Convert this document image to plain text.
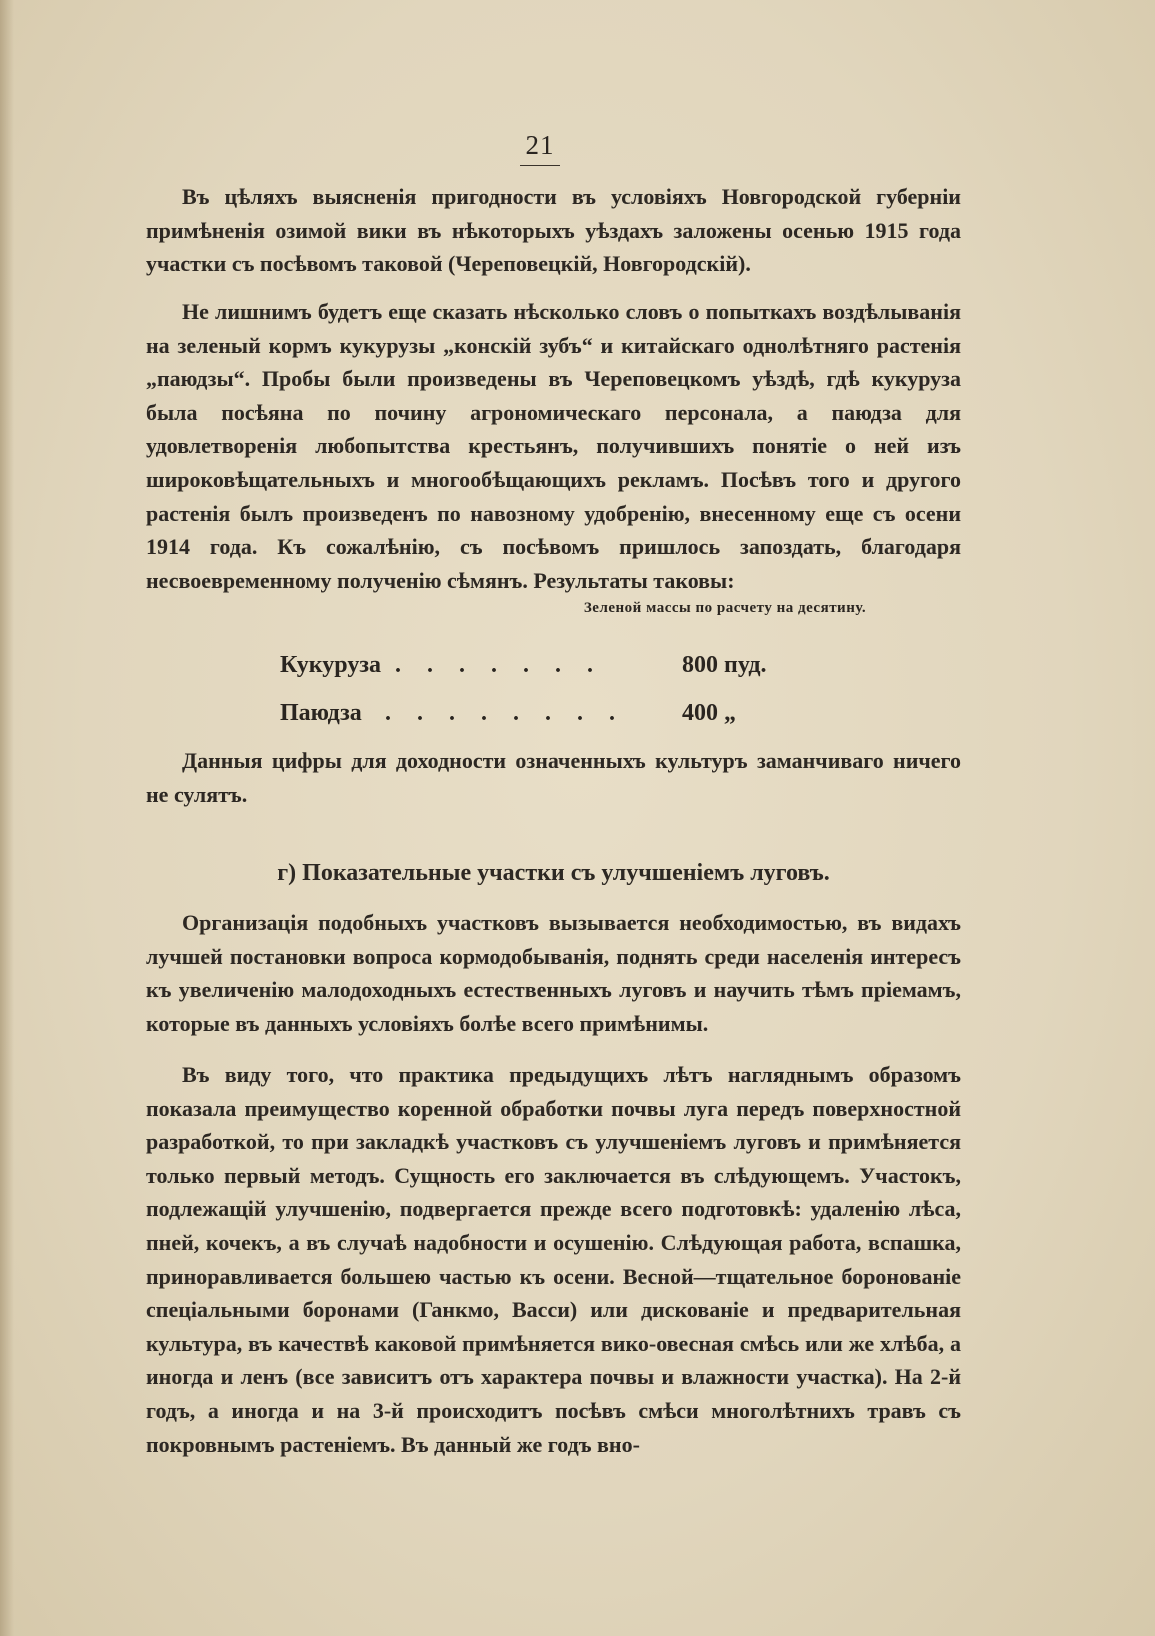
21

Въ цѣляхъ выясненія пригодности въ условіяхъ Новгородской губерніи примѣненія озимой вики въ нѣкоторыхъ уѣздахъ заложены осенью 1915 года участки съ посѣвомъ таковой (Череповецкій, Новгородскій).

Не лишнимъ будетъ еще сказать нѣсколько словъ о попыткахъ воздѣлыванія на зеленый кормъ кукурузы „конскій зубъ“ и китайскаго однолѣтняго растенія „паюдзы“. Пробы были произведены въ Череповецкомъ уѣздѣ, гдѣ кукуруза была посѣяна по почину агрономическаго персонала, а паюдза для удовлетворенія любопытства крестьянъ, получившихъ понятіе о ней изъ широковѣщательныхъ и многообѣщающихъ рекламъ. Посѣвъ того и другого растенія былъ произведенъ по навозному удобренію, внесенному еще съ осени 1914 года. Къ сожалѣнію, съ посѣвомъ пришлось запоздать, благодаря несвоевременному полученію сѣмянъ. Результаты таковы:

Зеленой массы по расчету на десятину.
Кукуруза . . . . . . .	800 пуд.
Паюдза . . . . . . . . 400 „

Данныя цифры для доходности означенныхъ культуръ заманчиваго ничего не сулятъ.

г) Показательные участки съ улучшеніемъ луговъ.

Организація подобныхъ участковъ вызывается необходимостью, въ видахъ лучшей постановки вопроса кормодобыванія, поднять среди населенія интересъ къ увеличенію малодоходныхъ естественныхъ луговъ и научить тѣмъ пріемамъ, которые въ данныхъ условіяхъ болѣе всего примѣнимы.

Въ виду того, что практика предыдущихъ лѣтъ нагляднымъ образомъ показала преимущество коренной обработки почвы луга передъ поверхностной разработкой, то при закладкѣ участковъ съ улучшеніемъ луговъ и примѣняется только первый методъ. Сущность его заключается въ слѣдующемъ. Участокъ, подлежащій улучшенію, подвергается прежде всего подготовкѣ: удаленію лѣса, пней, кочекъ, а въ случаѣ надобности и осушенію. Слѣдующая работа, вспашка, приноравливается большею частью къ осени. Весной—тщательное боронованіе спеціальными боронами (Ганкмо, Васси) или дискованіе и предварительная культура, въ качествѣ каковой примѣняется вико-овесная смѣсь или же хлѣба, а иногда и ленъ (все зависитъ отъ характера почвы и влажности участка). На 2-й годъ, а иногда и на 3-й происходитъ посѣвъ смѣси многолѣтнихъ травъ съ покровнымъ растеніемъ. Въ данный же годъ вно-
